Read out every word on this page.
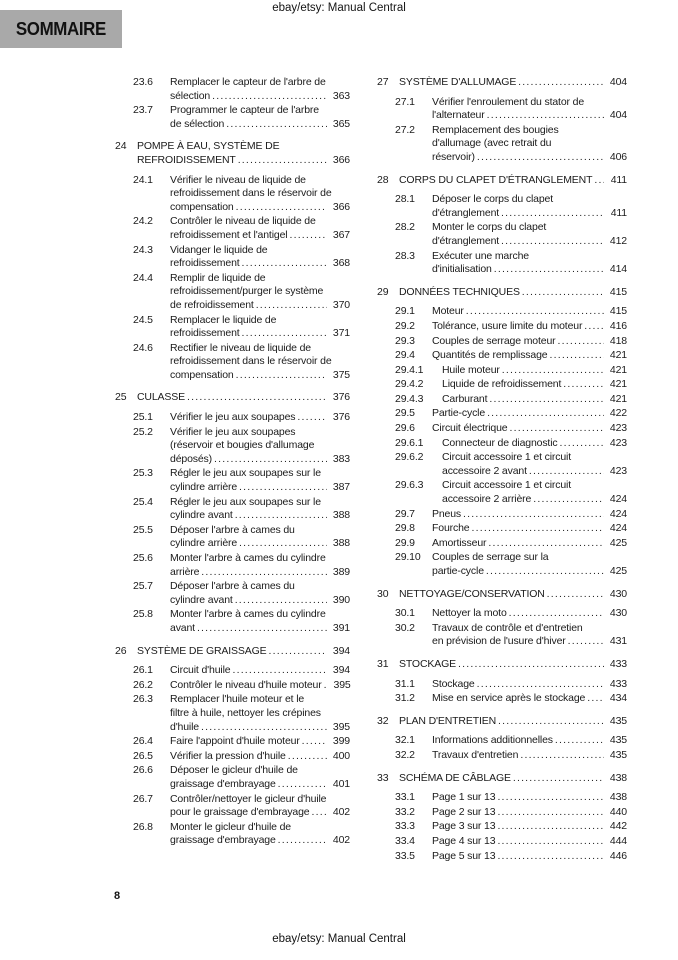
ebay/etsy: Manual Central
SOMMAIRE
23.6	Remplacer le capteur de l'arbre de
sélection .....	363
23.7	Programmer le capteur de l'arbre
de sélection .....	365
24	POMPE À EAU, SYSTÈME DE
REFROIDISSEMENT .....	366
24.1	Vérifier le niveau de liquide de
refroidissement dans le réservoir de
compensation .....	366
24.2	Contrôler le niveau de liquide de
refroidissement et l'antigel .....	367
24.3	Vidanger le liquide de
refroidissement .....	368
24.4	Remplir de liquide de
refroidissement/purger le système
de refroidissement .....	370
24.5	Remplacer le liquide de
refroidissement .....	371
24.6	Rectifier le niveau de liquide de
refroidissement dans le réservoir de
compensation .....	375
25	CULASSE .....	376
25.1	Vérifier le jeu aux soupapes .....	376
25.2	Vérifier le jeu aux soupapes
(réservoir et bougies d'allumage
déposés) .....	383
25.3	Régler le jeu aux soupapes sur le
cylindre arrière .....	387
25.4	Régler le jeu aux soupapes sur le
cylindre avant .....	388
25.5	Déposer l'arbre à cames du
cylindre arrière .....	388
25.6	Monter l'arbre à cames du cylindre
arrière .....	389
25.7	Déposer l'arbre à cames du
cylindre avant .....	390
25.8	Monter l'arbre à cames du cylindre
avant .....	391
26	SYSTÈME DE GRAISSAGE .....	394
26.1	Circuit d'huile .....	394
26.2	Contrôler le niveau d'huile moteur ..... 395
26.3	Remplacer l'huile moteur et le
filtre à huile, nettoyer les crépines
d'huile .....	395
26.4	Faire l'appoint d'huile moteur .....	399
26.5	Vérifier la pression d'huile .....	400
26.6	Déposer le gicleur d'huile de
graissage d'embrayage .....	401
26.7	Contrôler/nettoyer le gicleur d'huile
pour le graissage d'embrayage ..... 402
26.8	Monter le gicleur d'huile de
graissage d'embrayage .....	402
27	SYSTÈME D'ALLUMAGE .....	404
27.1	Vérifier l'enroulement du stator de
l'alternateur .....	404
27.2	Remplacement des bougies
d'allumage (avec retrait du
réservoir) .....	406
28	CORPS DU CLAPET D'ÉTRANGLEMENT .....	411
28.1	Déposer le corps du clapet
d'étranglement .....	411
28.2	Monter le corps du clapet
d'étranglement .....	412
28.3	Exécuter une marche
d'initialisation .....	414
29	DONNÉES TECHNIQUES .....	415
29.1	Moteur .....	415
29.2	Tolérance, usure limite du moteur .....	416
29.3	Couples de serrage moteur .....	418
29.4	Quantités de remplissage .....	421
29.4.1	Huile moteur .....	421
29.4.2	Liquide de refroidissement .....	421
29.4.3	Carburant .....	421
29.5	Partie-cycle .....	422
29.6	Circuit électrique .....	423
29.6.1	Connecteur de diagnostic .....	423
29.6.2	Circuit accessoire 1 et circuit
accessoire 2 avant .....	423
29.6.3	Circuit accessoire 1 et circuit
accessoire 2 arrière .....	424
29.7	Pneus .....	424
29.8	Fourche .....	424
29.9	Amortisseur .....	425
29.10	Couples de serrage sur la
partie-cycle .....	425
30	NETTOYAGE/CONSERVATION .....	430
30.1	Nettoyer la moto .....	430
30.2	Travaux de contrôle et d'entretien
en prévision de l'usure d'hiver .....	431
31	STOCKAGE .....	433
31.1	Stockage .....	433
31.2	Mise en service après le stockage ..... 434
32	PLAN D'ENTRETIEN .....	435
32.1	Informations additionnelles .....	435
32.2	Travaux d'entretien .....	435
33	SCHÉMA DE CÂBLAGE .....	438
33.1	Page 1 sur 13 .....	438
33.2	Page 2 sur 13 .....	440
33.3	Page 3 sur 13 .....	442
33.4	Page 4 sur 13 .....	444
33.5	Page 5 sur 13 .....	446
8
ebay/etsy: Manual Central
